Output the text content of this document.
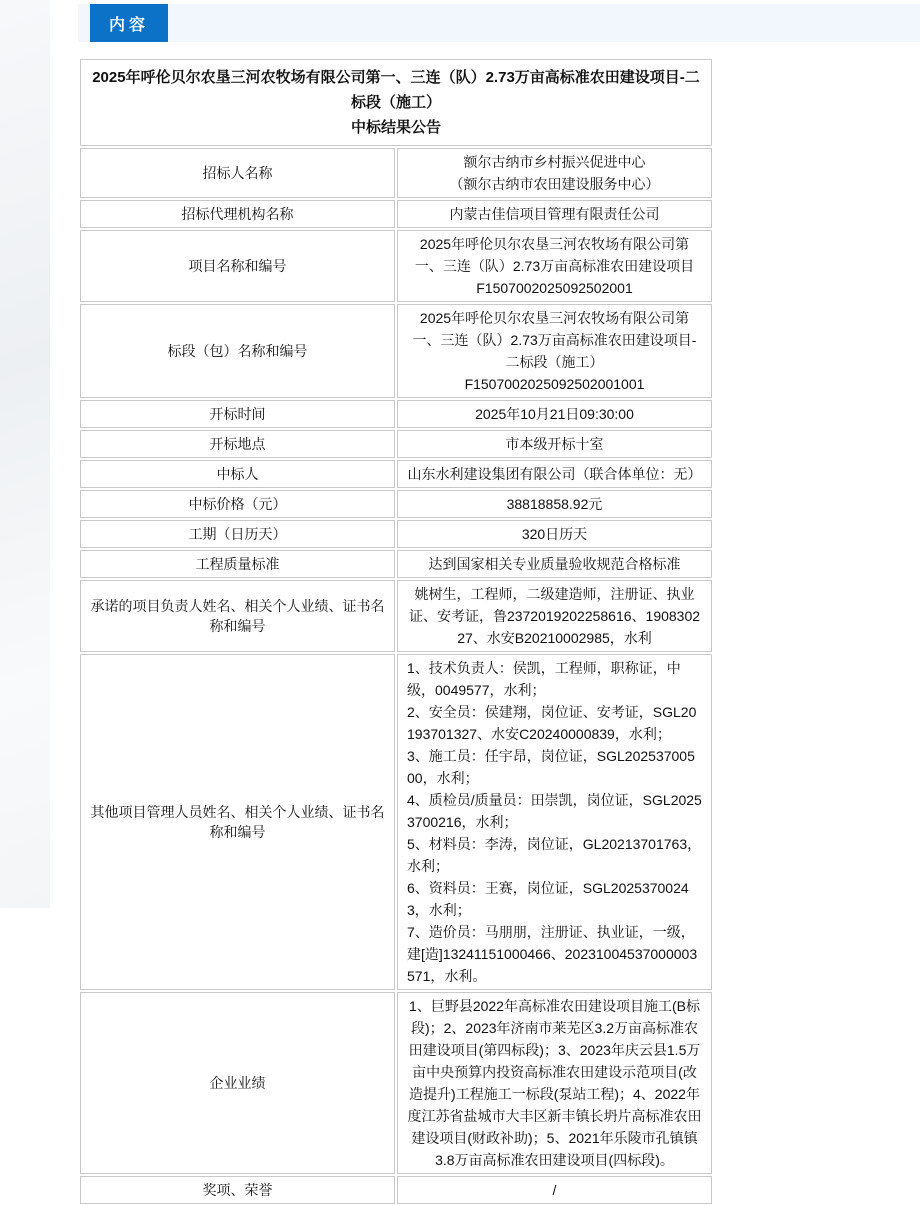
内容
2025年呼伦贝尔农垦三河农牧场有限公司第一、三连（队）2.73万亩高标准农田建设项目-二标段（施工）
中标结果公告	

招标人名称	额尔古纳市乡村振兴促进中心
（额尔古纳市农田建设服务中心）

招标代理机构名称	内蒙古佳信项目管理有限责任公司

项目名称和编号	2025年呼伦贝尔农垦三河农牧场有限公司第一、三连（队）2.73万亩高标准农田建设项目
F1507002025092502001

标段（包）名称和编号	2025年呼伦贝尔农垦三河农牧场有限公司第一、三连（队）2.73万亩高标准农田建设项目-二标段（施工）
F1507002025092502001001

开标时间	2025年10月21日09:30:00

开标地点	市本级开标十室

中标人	山东水利建设集团有限公司（联合体单位：无）

中标价格（元）	38818858.92元

工期（日历天）	320日历天

工程质量标准	达到国家相关专业质量验收规范合格标准

承诺的项目负责人姓名、相关个人业绩、证书名称和编号	姚树生，工程师，二级建造师，注册证、执业证、安考证，鲁2372019202258616、190830227、水安B20210002985，水利

其他项目管理人员姓名、相关个人业绩、证书名称和编号	
1、技术负责人：侯凯，工程师，职称证，中级，0049577，水利；
2、安全员：侯建翔，岗位证、安考证，SGL20193701327、水安C20240000839，水利；
3、施工员：任宇昂，岗位证，SGL20253700500，水利；
4、质检员/质量员：田崇凯，岗位证，SGL20253700216，水利；
5、材料员：李涛，岗位证，GL20213701763，水利；
6、资料员：王赛，岗位证，SGL20253700243，水利；
7、造价员：马朋朋，注册证、执业证，一级，建[造]13241151000466、20231004537000003571，水利。

企业业绩	1、巨野县2022年高标准农田建设项目施工(B标段)；2、2023年济南市莱芜区3.2万亩高标准农田建设项目(第四标段)；3、2023年庆云县1.5万亩中央预算内投资高标准农田建设示范项目(改造提升)工程施工一标段(泵站工程)；4、2022年度江苏省盐城市大丰区新丰镇长坍片高标准农田建设项目(财政补助)；5、2021年乐陵市孔镇镇3.8万亩高标准农田建设项目(四标段)。

奖项、荣誉	/
